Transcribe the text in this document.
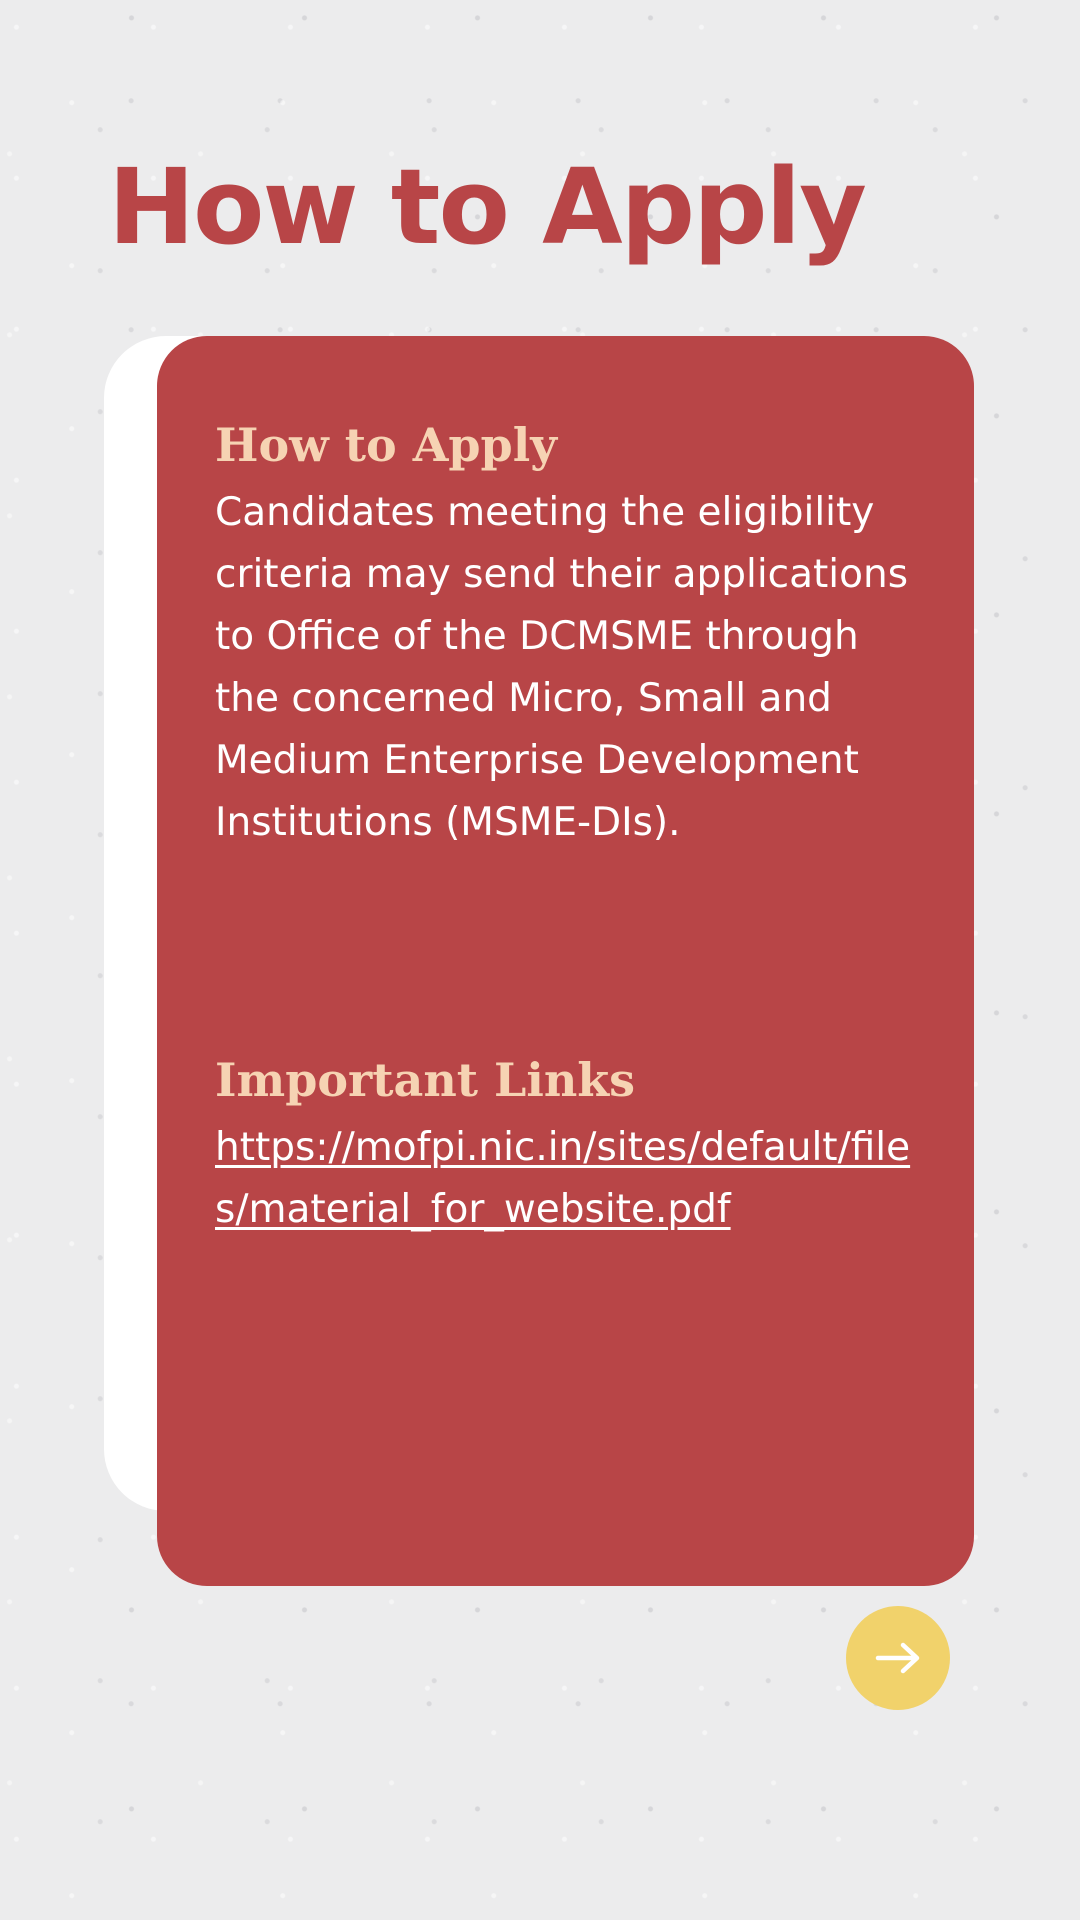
How to Apply
How to Apply

Candidates meeting the eligibility criteria may send their applications to Office of the DCMSME through the concerned Micro, Small and Medium Enterprise Development Institutions (MSME-DIs).

Important Links
https://mofpi.nic.in/sites/default/files/material_for_website.pdf
